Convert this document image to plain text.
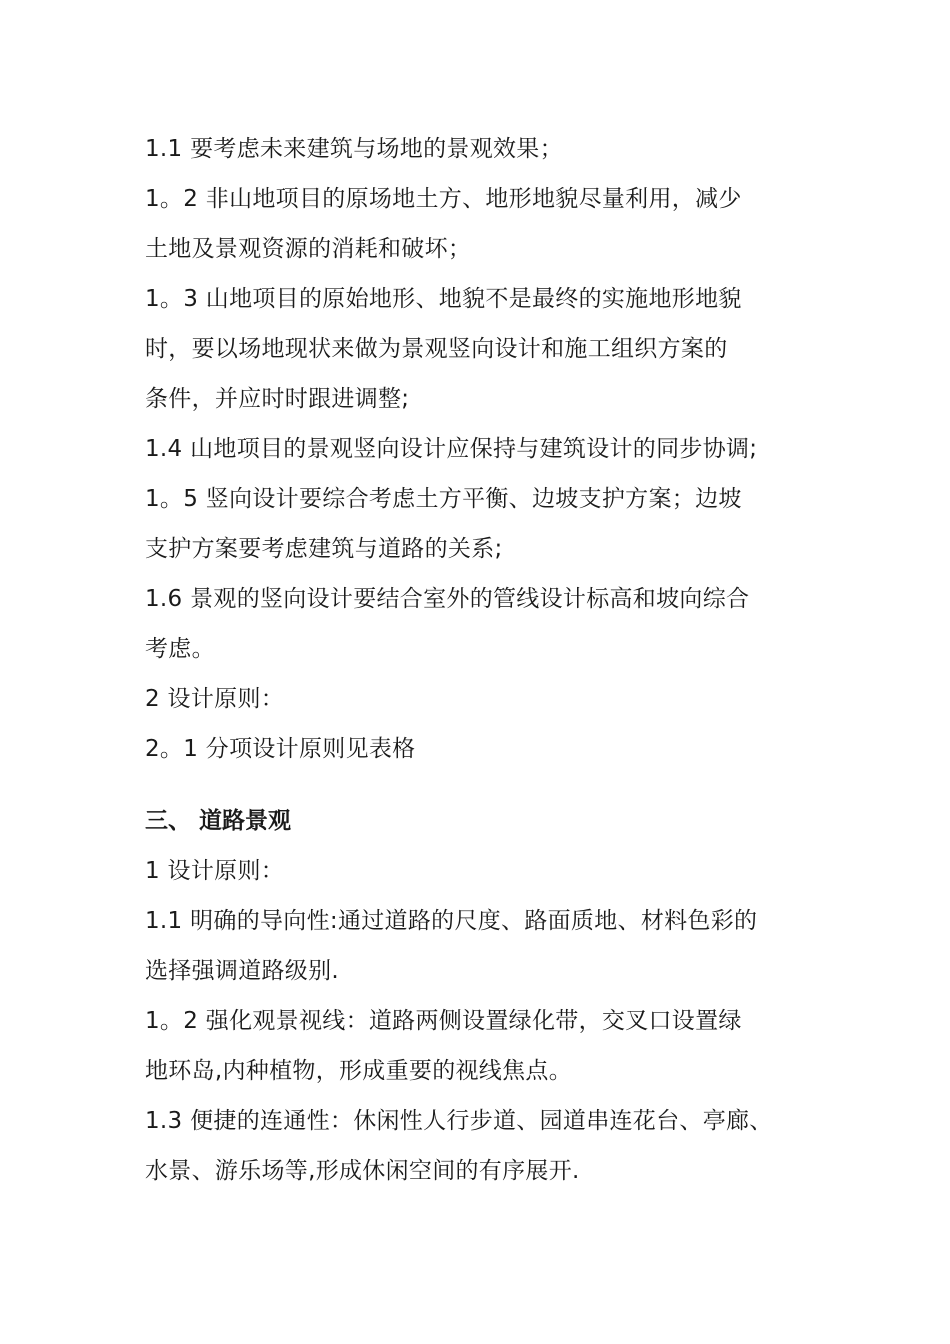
1.1 要考虑未来建筑与场地的景观效果；
1。2 非山地项目的原场地土方、地形地貌尽量利用，减少
土地及景观资源的消耗和破坏；
1。3 山地项目的原始地形、地貌不是最终的实施地形地貌
时，要以场地现状来做为景观竖向设计和施工组织方案的
条件，并应时时跟进调整;
1.4 山地项目的景观竖向设计应保持与建筑设计的同步协调;
1。5 竖向设计要综合考虑土方平衡、边坡支护方案；边坡
支护方案要考虑建筑与道路的关系;
1.6 景观的竖向设计要结合室外的管线设计标高和坡向综合
考虑。
2 设计原则：
2。1 分项设计原则见表格
三、 道路景观
1 设计原则：
1.1 明确的导向性:通过道路的尺度、路面质地、材料色彩的
选择强调道路级别.
1。2 强化观景视线：道路两侧设置绿化带，交叉口设置绿
地环岛,内种植物，形成重要的视线焦点。
1.3 便捷的连通性：休闲性人行步道、园道串连花台、亭廊、
水景、游乐场等,形成休闲空间的有序展开.
